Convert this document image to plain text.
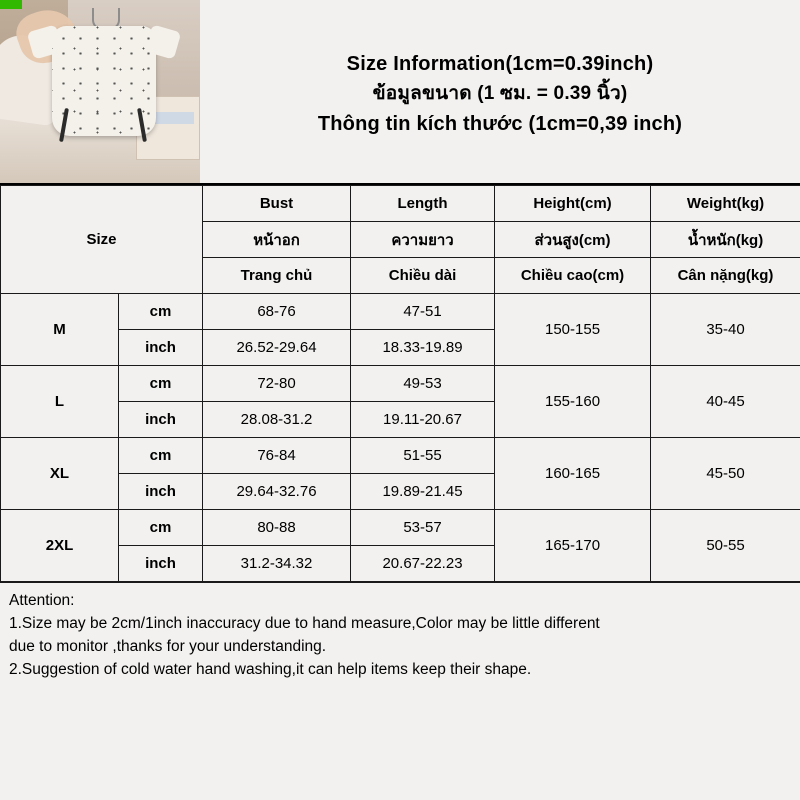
Size Information(1cm=0.39inch)
ข้อมูลขนาด (1 ซม. = 0.39 นิ้ว)
Thông tin kích thước (1cm=0,39 inch)
Size		Bust	Length	Height(cm)	Weight(kg)
		หน้าอก	ความยาว	ส่วนสูง(cm)	น้ำหนัก(kg)
		Trang chủ	Chiều dài	Chiều cao(cm)	Cân nặng(kg)
M	cm	68-76	47-51	150-155	35-40
	inch	26.52-29.64	18.33-19.89		
L	cm	72-80	49-53	155-160	40-45
	inch	28.08-31.2	19.11-20.67		
XL	cm	76-84	51-55	160-165	45-50
	inch	29.64-32.76	19.89-21.45		
2XL	cm	80-88	53-57	165-170	50-55
	inch	31.2-34.32	20.67-22.23		

Attention:

1.Size may be 2cm/1inch inaccuracy due to hand measure,Color may be little different

due to monitor ,thanks for your understanding.

2.Suggestion of cold water hand washing,it can help items keep their shape.
